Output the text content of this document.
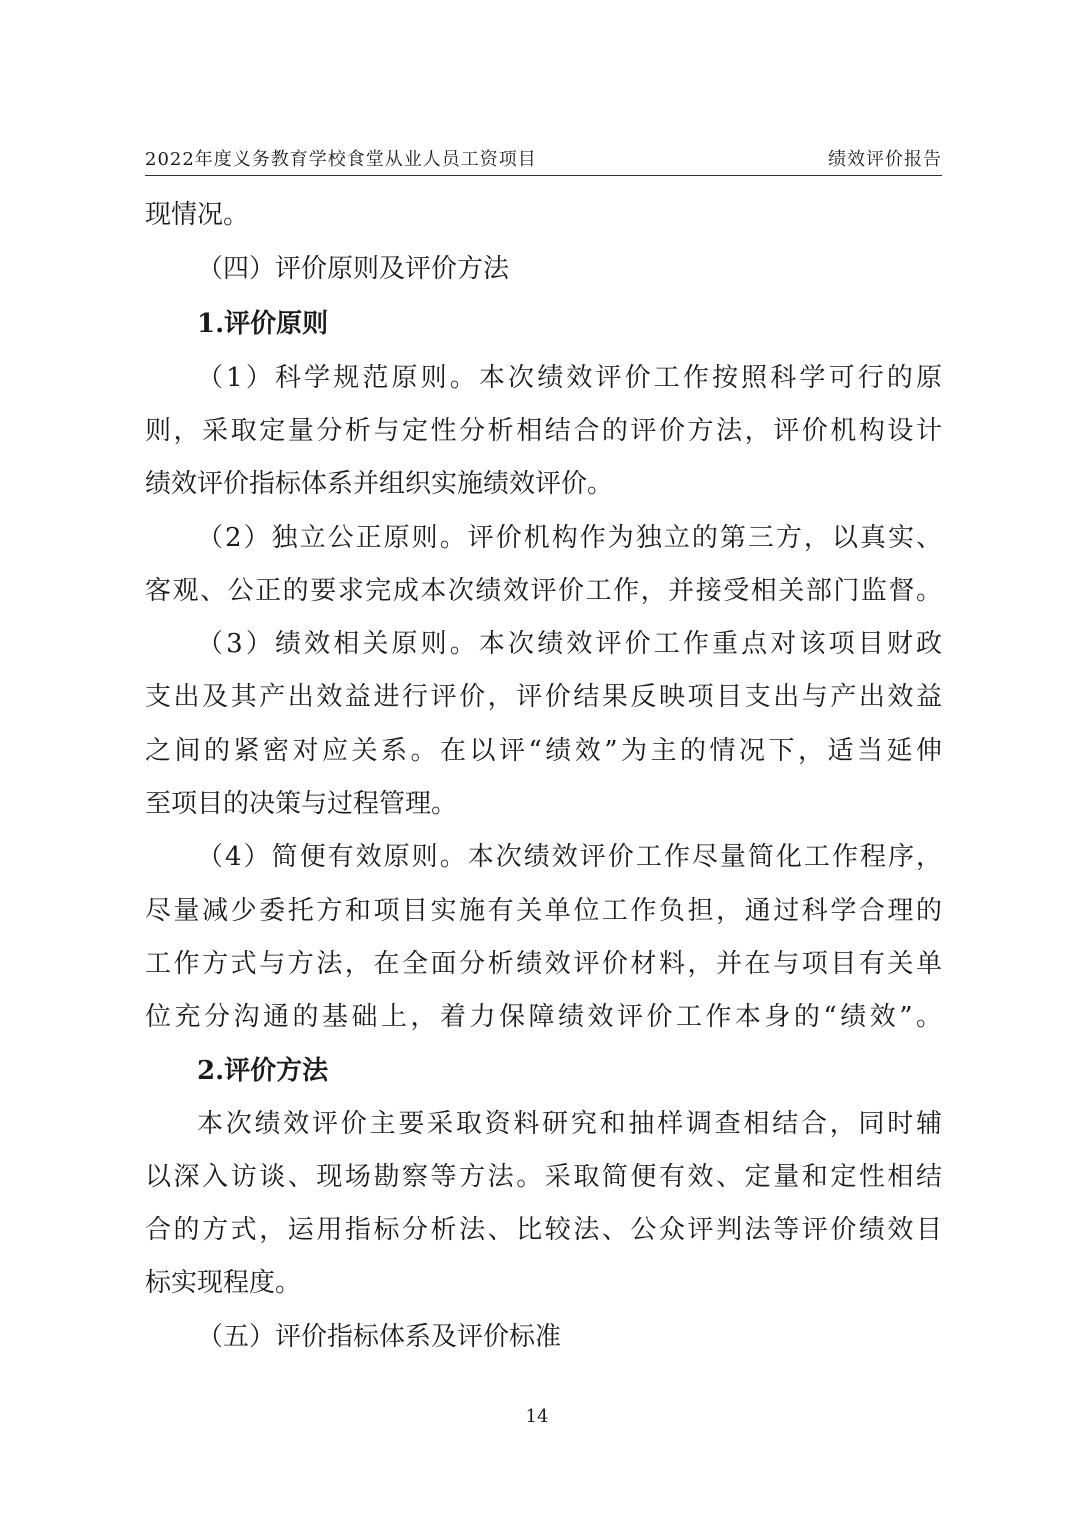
2022年度义务教育学校食堂从业人员工资项目	绩效评价报告
现情况。
（四）评价原则及评价方法
1.评价原则
（1）科学规范原则。本次绩效评价工作按照科学可行的原
则，采取定量分析与定性分析相结合的评价方法，评价机构设计
绩效评价指标体系并组织实施绩效评价。
（2）独立公正原则。评价机构作为独立的第三方，以真实、
客观、公正的要求完成本次绩效评价工作，并接受相关部门监督。
（3）绩效相关原则。本次绩效评价工作重点对该项目财政
支出及其产出效益进行评价，评价结果反映项目支出与产出效益
之间的紧密对应关系。在以评“绩效”为主的情况下，适当延伸
至项目的决策与过程管理。
（4）简便有效原则。本次绩效评价工作尽量简化工作程序，
尽量减少委托方和项目实施有关单位工作负担，通过科学合理的
工作方式与方法，在全面分析绩效评价材料，并在与项目有关单
位充分沟通的基础上，着力保障绩效评价工作本身的“绩效”。
2.评价方法
本次绩效评价主要采取资料研究和抽样调查相结合，同时辅
以深入访谈、现场勘察等方法。采取简便有效、定量和定性相结
合的方式，运用指标分析法、比较法、公众评判法等评价绩效目
标实现程度。
（五）评价指标体系及评价标准
14
